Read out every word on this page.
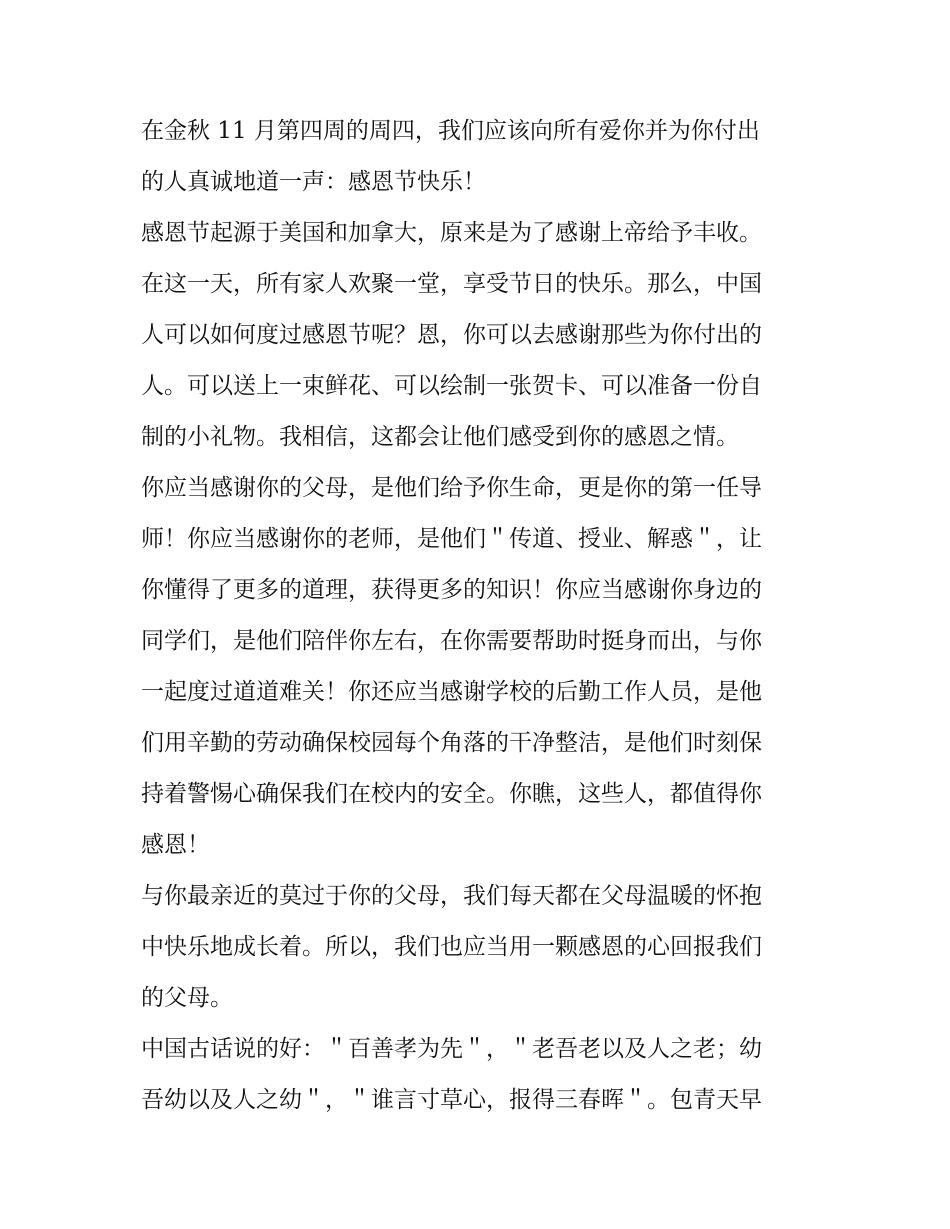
在金秋 11 月第四周的周四，我们应该向所有爱你并为你付出
的人真诚地道一声：感恩节快乐！
感恩节起源于美国和加拿大，原来是为了感谢上帝给予丰收。
在这一天，所有家人欢聚一堂，享受节日的快乐。那么，中国
人可以如何度过感恩节呢？恩，你可以去感谢那些为你付出的
人。可以送上一束鲜花、可以绘制一张贺卡、可以准备一份自
制的小礼物。我相信，这都会让他们感受到你的感恩之情。
你应当感谢你的父母，是他们给予你生命，更是你的第一任导
师！你应当感谢你的老师，是他们＂传道、授业、解惑＂，让
你懂得了更多的道理，获得更多的知识！你应当感谢你身边的
同学们，是他们陪伴你左右，在你需要帮助时挺身而出，与你
一起度过道道难关！你还应当感谢学校的后勤工作人员，是他
们用辛勤的劳动确保校园每个角落的干净整洁，是他们时刻保
持着警惕心确保我们在校内的安全。你瞧，这些人，都值得你
感恩！
与你最亲近的莫过于你的父母，我们每天都在父母温暖的怀抱
中快乐地成长着。所以，我们也应当用一颗感恩的心回报我们
的父母。
中国古话说的好：＂百善孝为先＂，＂老吾老以及人之老；幼
吾幼以及人之幼＂，＂谁言寸草心，报得三春晖＂。包青天早
